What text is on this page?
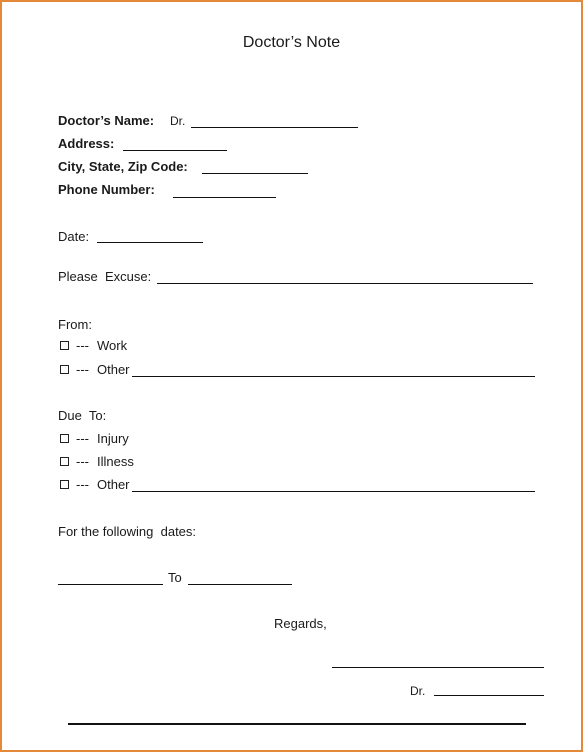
Doctor’s Note
Doctor’s Name: Dr.
Address:
City, State, Zip Code:
Phone Number:
Date:
Please  Excuse:
From:
--- Work
--- Other
Due  To:
--- Injury
--- Illness
--- Other
For the following  dates:
To
Regards,
Dr.
